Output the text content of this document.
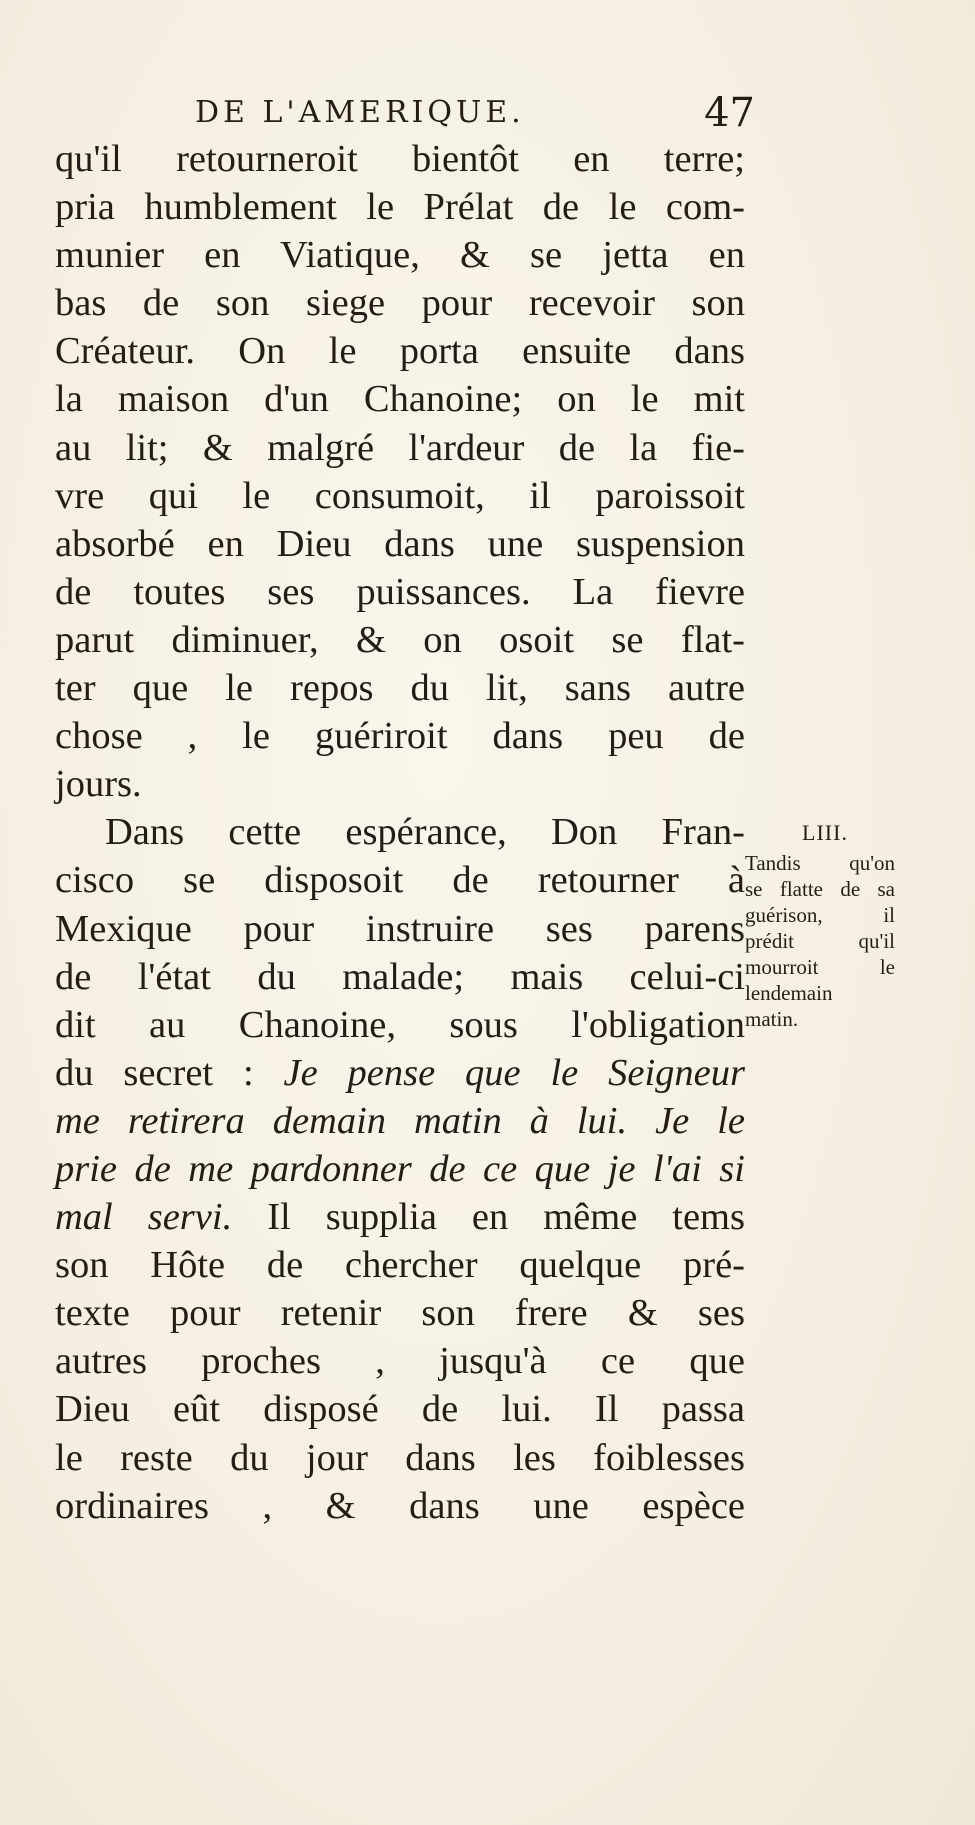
DE L'AMERIQUE.	47
qu'il retourneroit bientôt en terre;
pria humblement le Prélat de le com-
munier en Viatique, & se jetta en
bas de son siege pour recevoir son
Créateur. On le porta ensuite dans
la maison d'un Chanoine; on le mit
au lit; & malgré l'ardeur de la fie-
vre qui le consumoit, il paroissoit
absorbé en Dieu dans une suspension
de toutes ses puissances. La fievre
parut diminuer, & on osoit se flat-
ter que le repos du lit, sans autre
chose , le guériroit dans peu de
jours.
Dans cette espérance, Don Fran-
cisco se disposoit de retourner à
Mexique pour instruire ses parens
de l'état du malade; mais celui-ci
dit au Chanoine, sous l'obligation
du secret : Je pense que le Seigneur
me retirera demain matin à lui. Je le
prie de me pardonner de ce que je l'ai si
mal servi. Il supplia en même tems
son Hôte de chercher quelque pré-
texte pour retenir son frere & ses
autres proches , jusqu'à ce que
Dieu eût disposé de lui. Il passa
le reste du jour dans les foiblesses
ordinaires , & dans une espèce
LIII.
Tandis qu'on
se flatte de sa
guérison, il
prédit qu'il
mourroit le
lendemain
matin.
